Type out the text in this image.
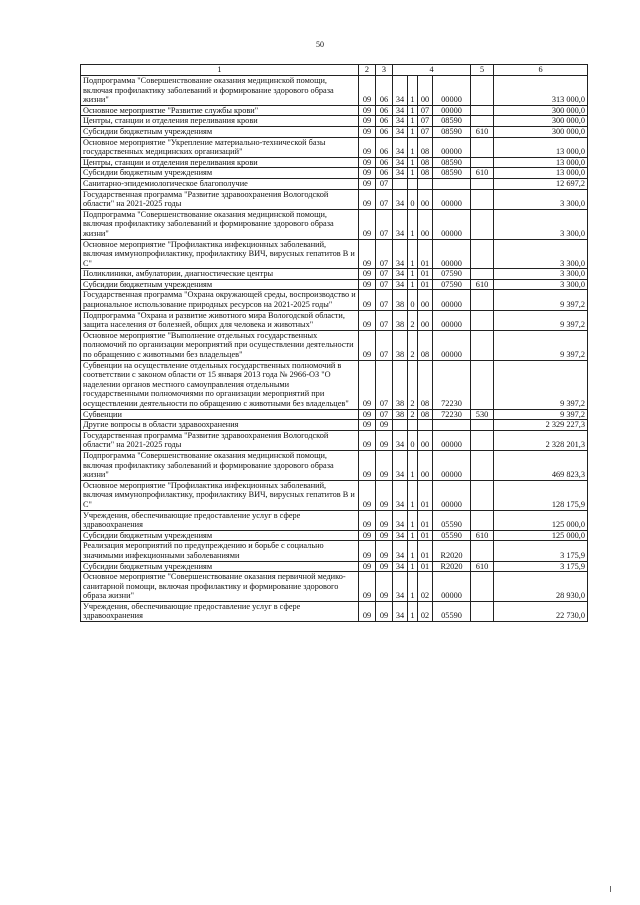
50
1	2	3	4				5	6
Подпрограмма "Совершенствование оказания медицинской помощи, включая профилактику заболеваний и формирование здорового образа жизни"	09	06	34	1	00	00000		313 000,0
Основное мероприятие "Развитие службы крови"	09	06	34	1	07	00000		300 000,0
Центры, станции и отделения переливания крови	09	06	34	1	07	08590		300 000,0
Субсидии бюджетным учреждениям	09	06	34	1	07	08590	610	300 000,0
Основное мероприятие "Укрепление материально-технической базы государственных медицинских организаций"	09	06	34	1	08	00000		13 000,0
Центры, станции и отделения переливания крови	09	06	34	1	08	08590		13 000,0
Субсидии бюджетным учреждениям	09	06	34	1	08	08590	610	13 000,0
Санитарно-эпидемиологическое благополучие	09	07						12 697,2
Государственная программа "Развитие здравоохранения Вологодской области" на 2021-2025 годы	09	07	34	0	00	00000		3 300,0
Подпрограмма "Совершенствование оказания медицинской помощи, включая профилактику заболеваний и формирование здорового образа жизни"	09	07	34	1	00	00000		3 300,0
Основное мероприятие "Профилактика инфекционных заболеваний, включая иммунопрофилактику, профилактику ВИЧ, вирусных гепатитов В и С"	09	07	34	1	01	00000		3 300,0
Поликлиники, амбулатории, диагностические центры	09	07	34	1	01	07590		3 300,0
Субсидии бюджетным учреждениям	09	07	34	1	01	07590	610	3 300,0
Государственная программа "Охрана окружающей среды, воспроизводство и рациональное использование природных ресурсов на 2021-2025 годы"	09	07	38	0	00	00000		9 397,2
Подпрограмма "Охрана и развитие животного мира Вологодской области, защита населения от болезней, общих для человека и животных"	09	07	38	2	00	00000		9 397,2
Основное мероприятие "Выполнение отдельных государственных полномочий по организации мероприятий при осуществлении деятельности по обращению с животными без владельцев"	09	07	38	2	08	00000		9 397,2
Субвенции на осуществление отдельных государственных полномочий в соответствии с законом области от 15 января 2013 года № 2966-ОЗ "О наделении органов местного самоуправления отдельными государственными полномочиями по организации мероприятий при осуществлении деятельности по обращению с животными без владельцев"	09	07	38	2	08	72230		9 397,2
Субвенции	09	07	38	2	08	72230	530	9 397,2
Другие вопросы в области здравоохранения	09	09						2 329 227,3
Государственная программа "Развитие здравоохранения Вологодской области" на 2021-2025 годы	09	09	34	0	00	00000		2 328 201,3
Подпрограмма "Совершенствование оказания медицинской помощи, включая профилактику заболеваний и формирование здорового образа жизни"	09	09	34	1	00	00000		469 823,3
Основное мероприятие "Профилактика инфекционных заболеваний, включая иммунопрофилактику, профилактику ВИЧ, вирусных гепатитов В и С"	09	09	34	1	01	00000		128 175,9
Учреждения, обеспечивающие предоставление услуг в сфере здравоохранения	09	09	34	1	01	05590		125 000,0
Субсидии бюджетным учреждениям	09	09	34	1	01	05590	610	125 000,0
Реализация мероприятий по предупреждению и борьбе с социально значимыми инфекционными заболеваниями	09	09	34	1	01	R2020		3 175,9
Субсидии бюджетным учреждениям	09	09	34	1	01	R2020	610	3 175,9
Основное мероприятие "Совершенствование оказания первичной медико-санитарной помощи, включая профилактику и формирование здорового образа жизни"	09	09	34	1	02	00000		28 930,0
Учреждения, обеспечивающие предоставление услуг в сфере здравоохранения	09	09	34	1	02	05590		22 730,0
